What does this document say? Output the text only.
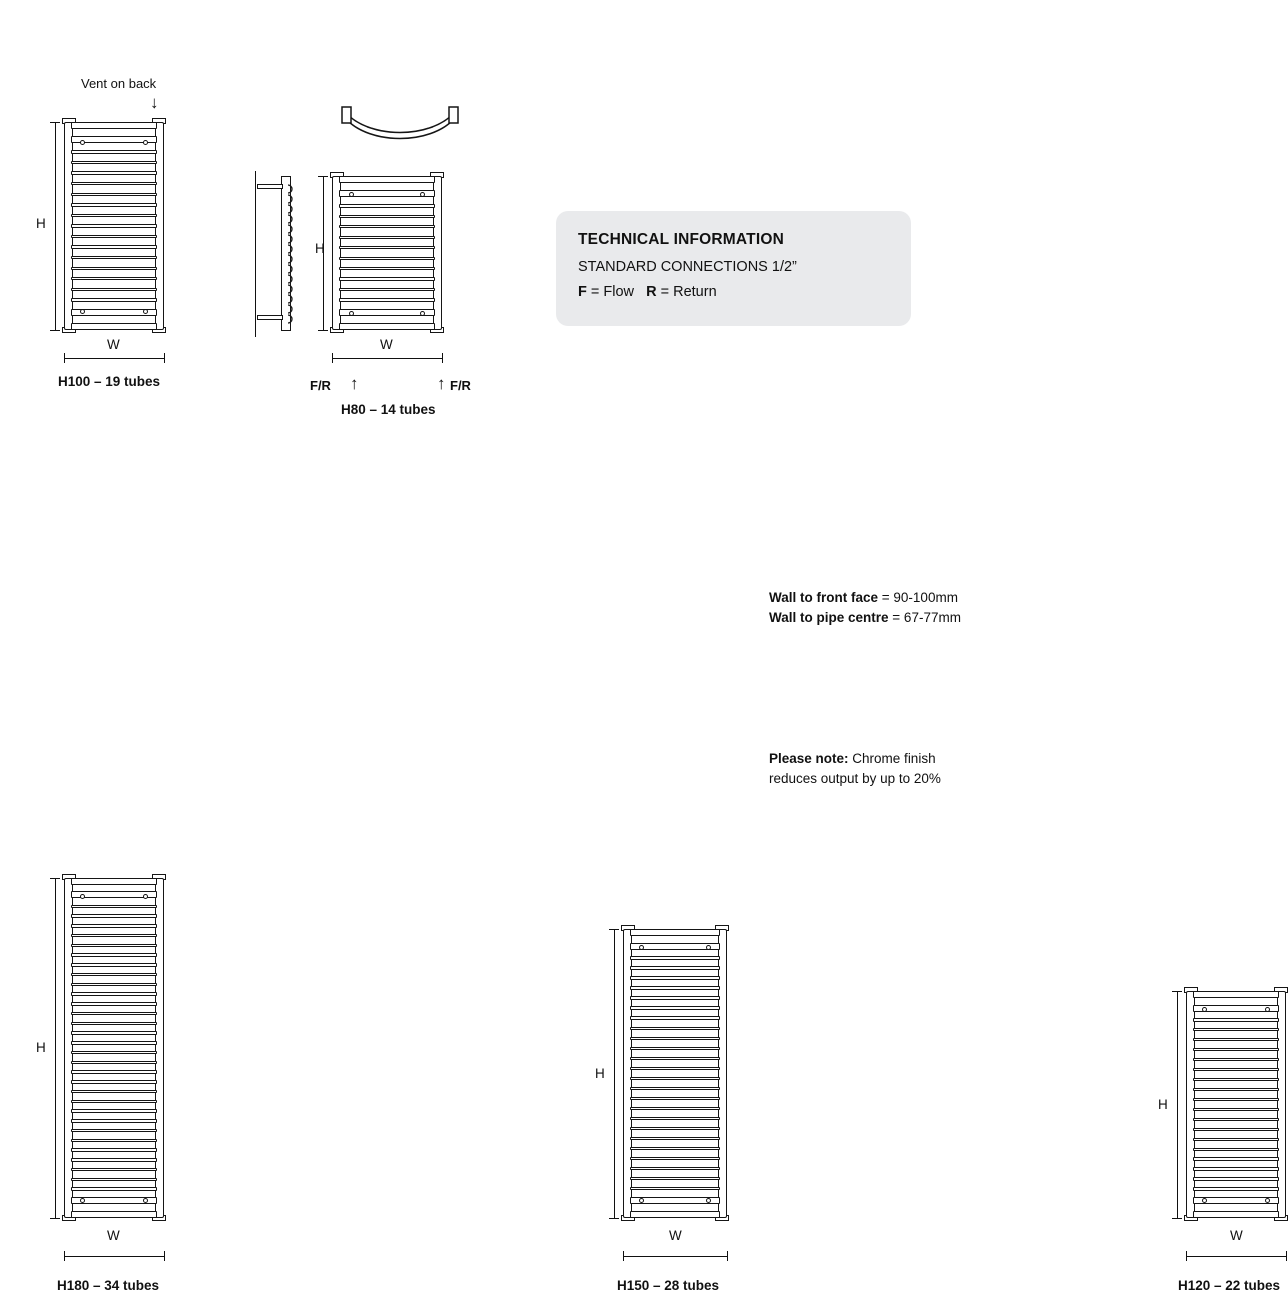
Vent on back
↓
H
W
H100 – 19 tubes
H
W
F/R ↑	↑ F/R
H80 – 14 tubes
H
W
H180 – 34 tubes
H
W
H150 – 28 tubes
H
W
H120 – 22 tubes
TECHNICAL INFORMATION
STANDARD CONNECTIONS 1/2”
F = Flow R = Return
Wall to front face = 90-100mm
Wall to pipe centre = 67-77mm
Please note: Chrome finish
reduces output by up to 20%
